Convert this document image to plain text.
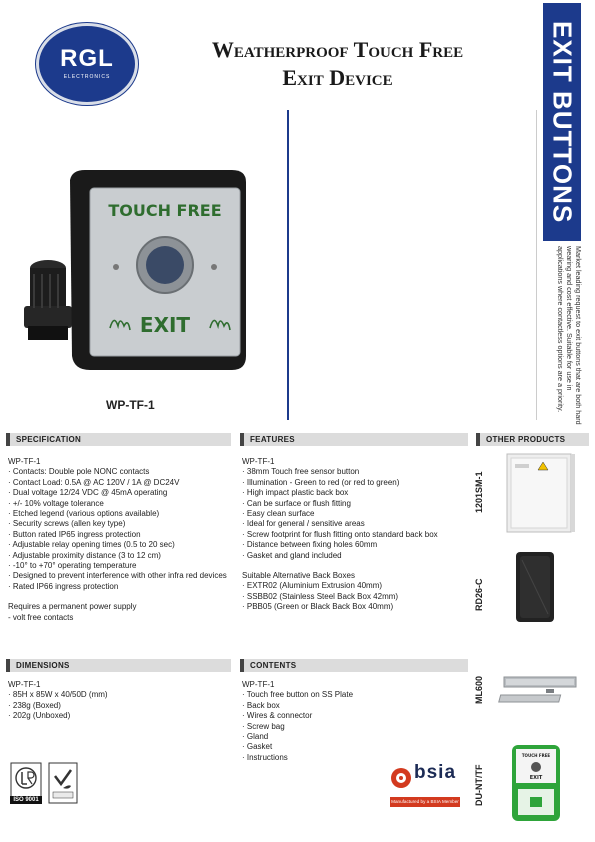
RGL
ELECTRONICS
Weatherproof Touch Free
Exit Device	EXIT BUTTONS
Market leading request to exit buttons that are both hard wearing and cost effective. Suitable for use in applications where contactless options are a priority.
TOUCH FREE
EXIT
WP-TF-1
SPECIFICATION
WP-TF-1
· Contacts: Double pole NONC contacts
· Contact Load: 0.5A @ AC 120V / 1A @ DC24V
· Dual voltage 12/24 VDC @ 45mA operating
· +/- 10% voltage tolerance
· Etched legend (various options available)
· Security screws (allen key type)
· Button rated IP65 ingress protection
· Adjustable relay opening times (0.5 to 20 sec)
· Adjustable proximity distance (3 to 12 cm)
· -10° to +70° operating temperature
· Designed to prevent interference with other infra red devices
· Rated IP66 ingress protection
Requires a permanent power supply
- volt free contacts
FEATURES
WP-TF-1
· 38mm Touch free sensor button
· Illumination - Green to red (or red to green)
· High impact plastic back box
· Can be surface or flush fitting
· Easy clean surface
· Ideal for general / sensitive areas
· Screw footprint for flush fitting onto standard back box
· Distance between fixing holes 60mm
· Gasket and gland included
Suitable Alternative Back Boxes
· EXTR02 (Aluminium Extrusion 40mm)
· SSBB02 (Stainless Steel Back Box 42mm)
· PBB05 (Green or Black Back Box 40mm)
DIMENSIONS
WP-TF-1
· 85H x 85W x 40/50D (mm)
· 238g (Boxed)
· 202g (Unboxed)
CONTENTS
WP-TF-1
· Touch free button on SS Plate
· Back box
· Wires & connector
· Screw bag
· Gland
· Gasket
· Instructions
OTHER PRODUCTS
1201SM-1
RD26-C
ML600
DU-NT/TF
TOUCH FREE
EXIT
ISO 9001
bsia
Manufactured by a BSIA Member
